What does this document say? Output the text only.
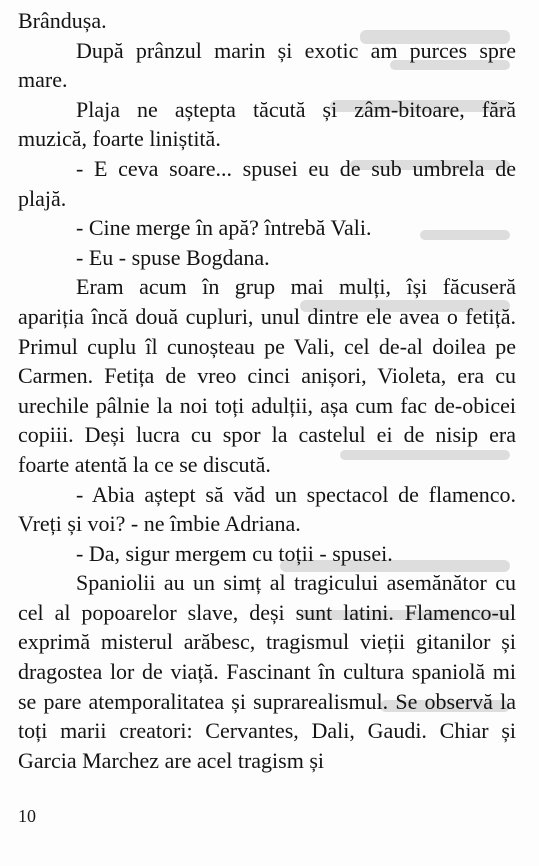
Brândușa.

După prânzul marin și exotic am purces spre mare.

Plaja ne aștepta tăcută și zâm-bitoare, fără muzică, foarte liniștită.

- E ceva soare... spusei eu de sub umbrela de plajă.

- Cine merge în apă? întrebă Vali.

- Eu - spuse Bogdana.

Eram acum în grup mai mulți, își făcuseră apariția încă două cupluri, unul dintre ele avea o fetiță. Primul cuplu îl cunoșteau pe Vali, cel de-al doilea pe Carmen. Fetița de vreo cinci anișori, Violeta, era cu urechile pâlnie la noi toți adulții, așa cum fac de-obicei copiii. Deși lucra cu spor la castelul ei de nisip era foarte atentă la ce se discută.

- Abia aștept să văd un spectacol de flamenco. Vreți și voi? - ne îmbie Adriana.

- Da, sigur mergem cu toții - spusei.

Spaniolii au un simț al tragicului asemănător cu cel al popoarelor slave, deși sunt latini. Flamenco-ul exprimă misterul arăbesc, tragismul vieții gitanilor și dragostea lor de viață. Fascinant în cultura spaniolă mi se pare atemporalitatea și suprarealismul. Se observă la toți marii creatori: Cervantes, Dali, Gaudi. Chiar și Garcia Marchez are acel tragism și

10
